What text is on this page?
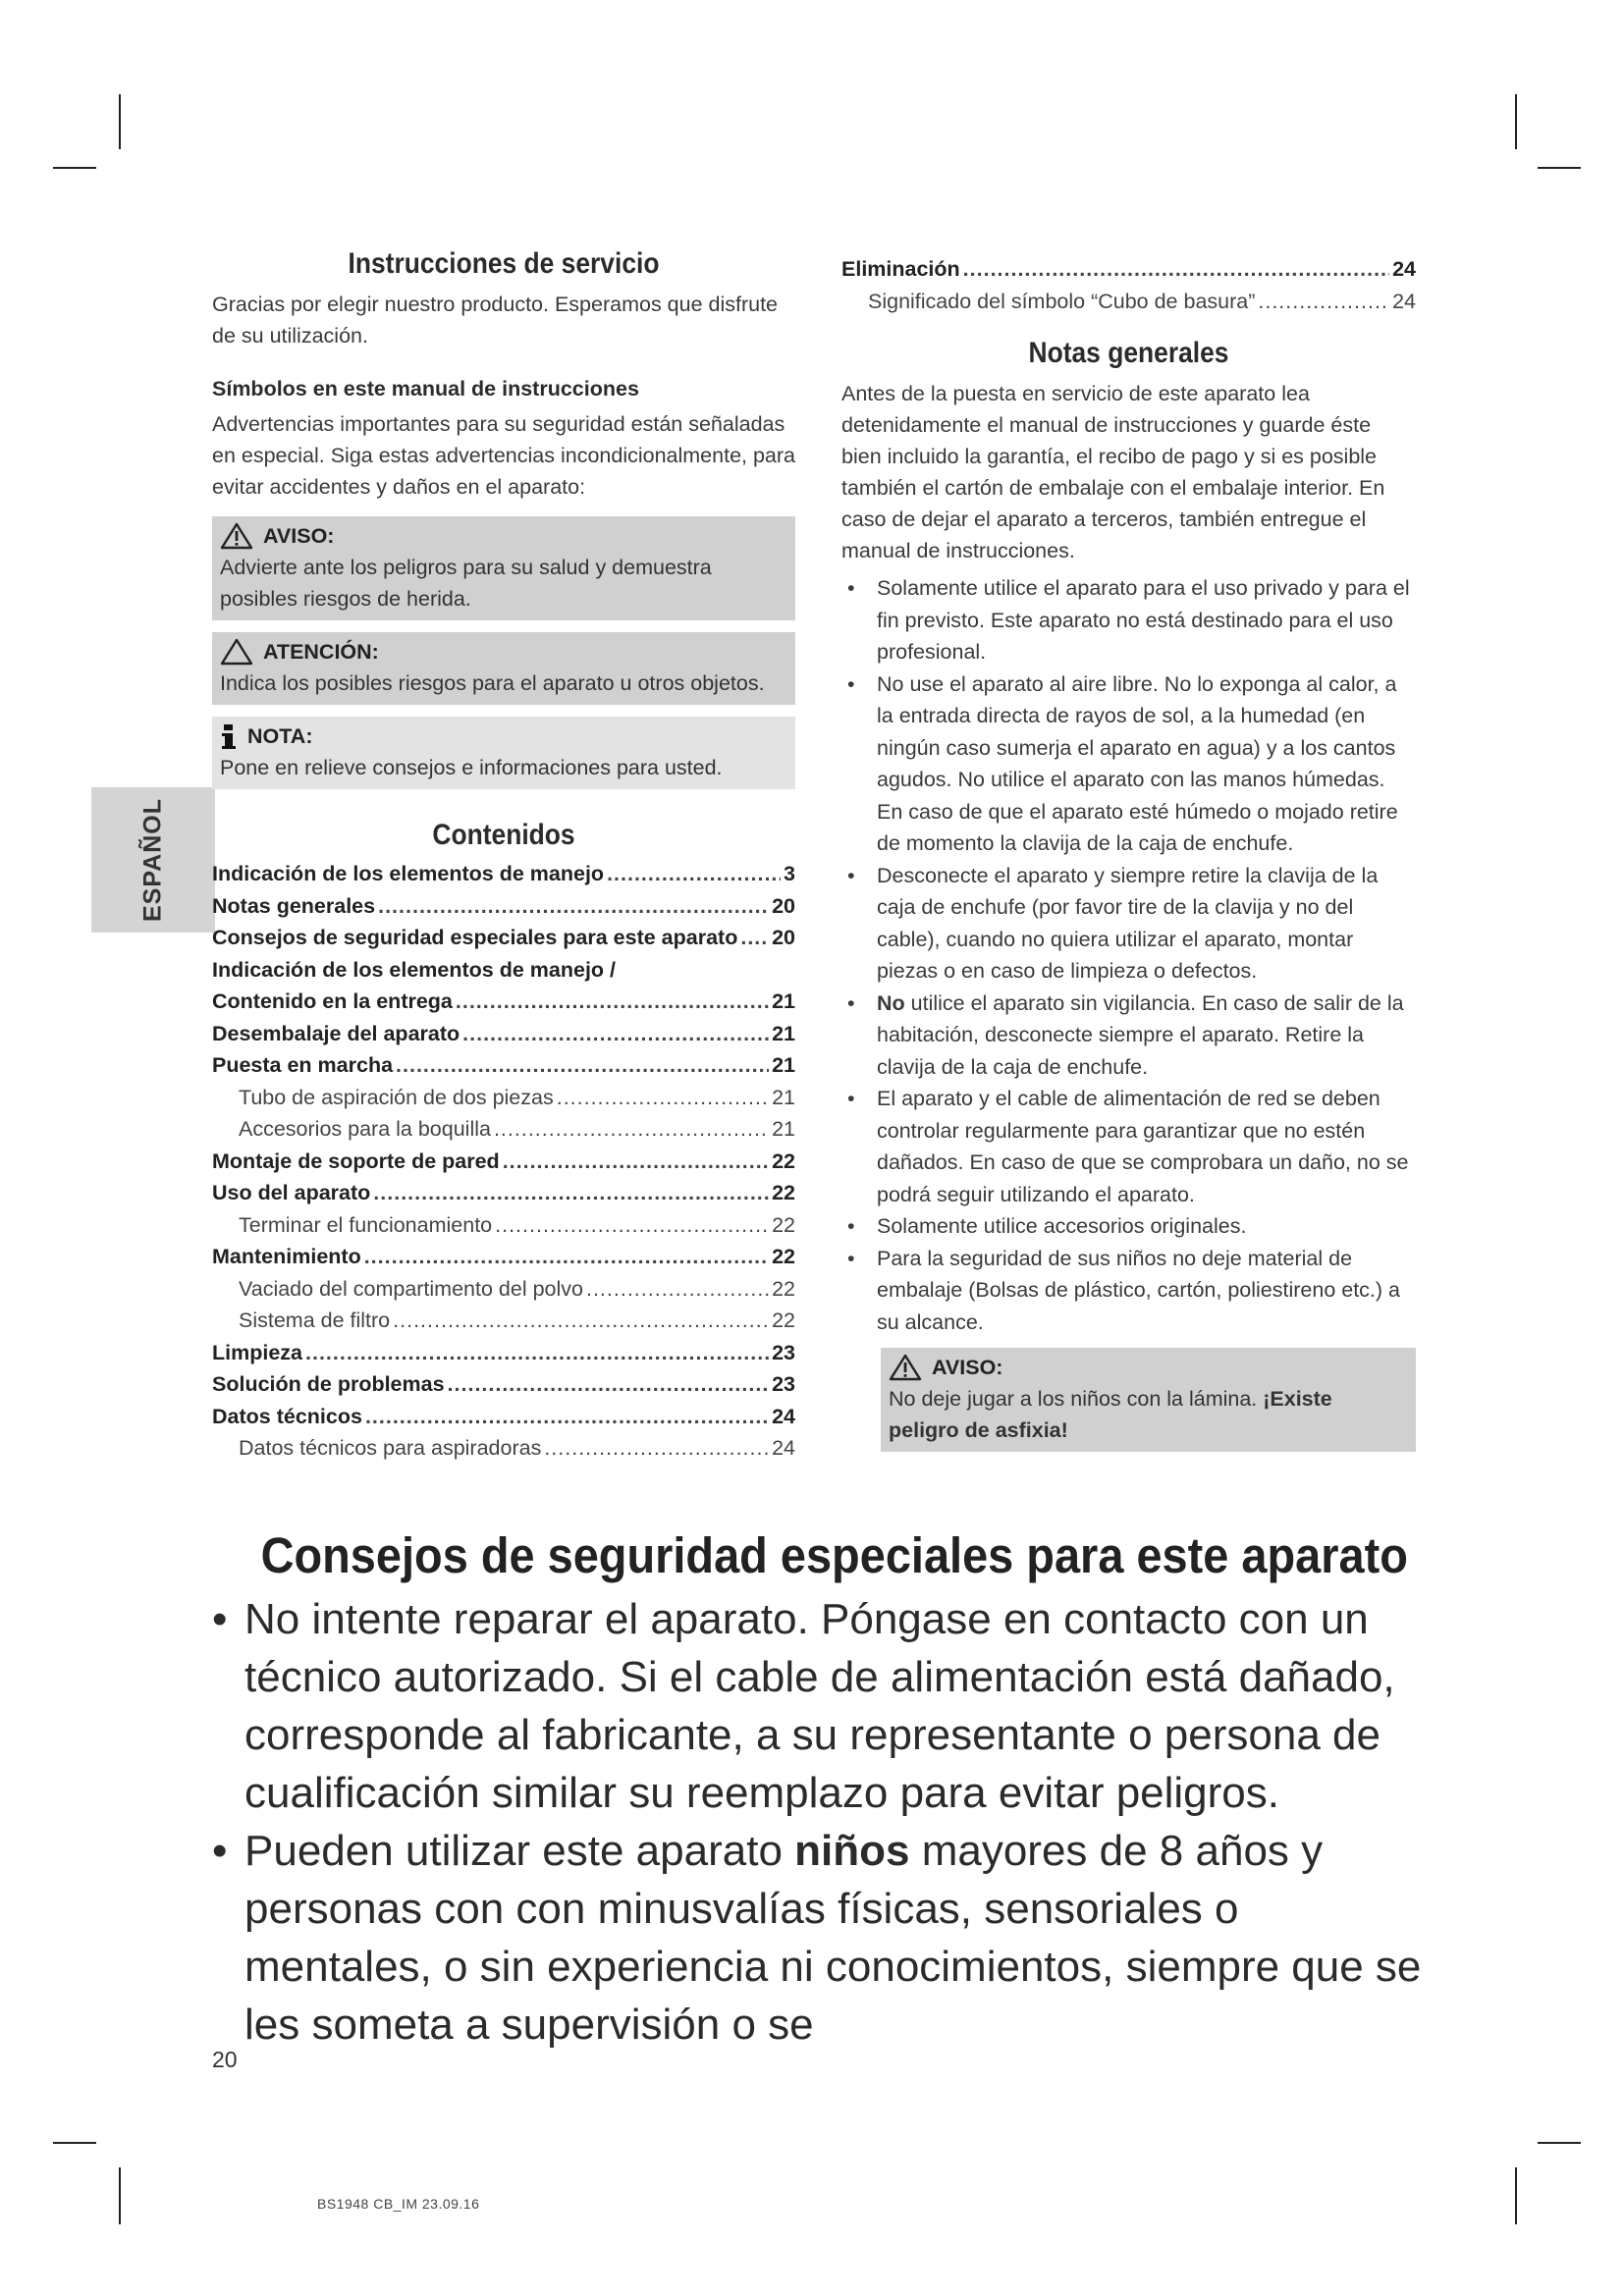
ESPAÑOL
Instrucciones de servicio

Gracias por elegir nuestro producto. Esperamos que disfrute de su utilización.

Símbolos en este manual de instrucciones

Advertencias importantes para su seguridad están señaladas en especial. Siga estas advertencias incondicionalmente, para evitar accidentes y daños en el aparato:

AVISO:

Advierte ante los peligros para su salud y demuestra posibles riesgos de herida.

ATENCIÓN:

Indica los posibles riesgos para el aparato u otros objetos.

NOTA:

Pone en relieve consejos e informaciones para usted.

Contenidos
Indicación de los elementos de manejo .....	3
Notas generales .....	20
Consejos de seguridad especiales para este aparato ..... 20
Indicación de los elementos de manejo /
Contenido en la entrega .....	21
Desembalaje del aparato .....	21
Puesta en marcha .....	21
Tubo de aspiración de dos piezas .....	21
Accesorios para la boquilla .....	21
Montaje de soporte de pared .....	22
Uso del aparato .....	22
Terminar el funcionamiento .....	22
Mantenimiento .....	22
Vaciado del compartimento del polvo .....	22
Sistema de filtro .....	22
Limpieza .....	23
Solución de problemas .....	23
Datos técnicos .....	24
Datos técnicos para aspiradoras .....	24
Eliminación .....	24
Significado del símbolo “Cubo de basura” .....	24
Notas generales

Antes de la puesta en servicio de este aparato lea detenidamente el manual de instrucciones y guarde éste bien incluido la garantía, el recibo de pago y si es posible también el cartón de embalaje con el embalaje interior. En caso de dejar el aparato a terceros, también entregue el manual de instrucciones.

• Solamente utilice el aparato para el uso privado y para el fin previsto. Este aparato no está destinado para el uso profesional.
• No use el aparato al aire libre. No lo exponga al calor, a la entrada directa de rayos de sol, a la humedad (en ningún caso sumerja el aparato en agua) y a los cantos agudos. No utilice el aparato con las manos húmedas. En caso de que el aparato esté húmedo o mojado retire de momento la clavija de la caja de enchufe.
• Desconecte el aparato y siempre retire la clavija de la caja de enchufe (por favor tire de la clavija y no del cable), cuando no quiera utilizar el aparato, montar piezas o en caso de limpieza o defectos.
• No utilice el aparato sin vigilancia. En caso de salir de la habitación, desconecte siempre el aparato. Retire la clavija de la caja de enchufe.
• El aparato y el cable de alimentación de red se deben controlar regularmente para garantizar que no estén dañados. En caso de que se comprobara un daño, no se podrá seguir utilizando el aparato.
• Solamente utilice accesorios originales.
• Para la seguridad de sus niños no deje material de embalaje (Bolsas de plástico, cartón, poliestireno etc.) a su alcance.
AVISO:

No deje jugar a los niños con la lámina. ¡Existe peligro de asfixia!

Consejos de seguridad especiales para este aparato
• No intente reparar el aparato. Póngase en contacto con un técnico autorizado. Si el cable de alimentación está dañado, corresponde al fabricante, a su representante o persona de cualificación similar su reemplazo para evitar peligros.
• Pueden utilizar este aparato niños mayores de 8 años y personas con con minusvalías físicas, sensoriales o mentales, o sin experiencia ni conocimientos, siempre que se les someta a supervisión o se
20
BS1948 CB_IM 23.09.16
